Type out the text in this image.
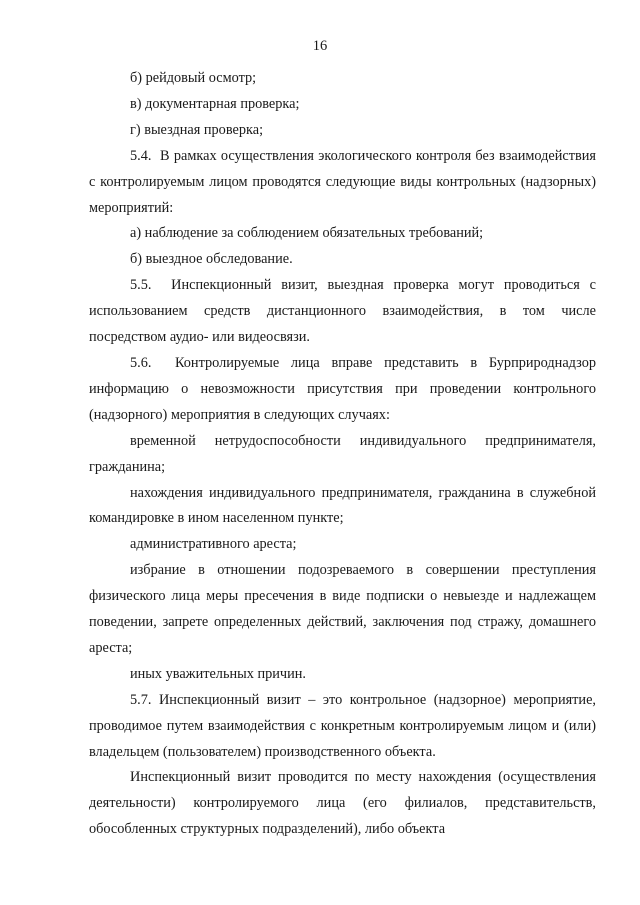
16

б) рейдовый осмотр;

в) документарная проверка;

г) выездная проверка;

5.4.  В рамках осуществления экологического контроля без взаимодействия с контролируемым лицом проводятся следующие виды контрольных (надзорных) мероприятий:

а) наблюдение за соблюдением обязательных требований;

б) выездное обследование.

5.5.  Инспекционный визит, выездная проверка могут проводиться с использованием средств дистанционного взаимодействия, в том числе посредством аудио- или видеосвязи.

5.6.  Контролируемые лица вправе представить в Бурприроднадзор информацию о невозможности присутствия при проведении контрольного (надзорного) мероприятия в следующих случаях:

временной нетрудоспособности индивидуального предпринимателя, гражданина;

нахождения индивидуального предпринимателя, гражданина в служебной командировке в ином населенном пункте;

административного ареста;

избрание в отношении подозреваемого в совершении преступления физического лица меры пресечения в виде подписки о невыезде и надлежащем поведении, запрете определенных действий, заключения под стражу, домашнего ареста;

иных уважительных причин.

5.7. Инспекционный визит – это контрольное (надзорное) мероприятие, проводимое путем взаимодействия с конкретным контролируемым лицом и (или) владельцем (пользователем) производственного объекта.

Инспекционный визит проводится по месту нахождения (осуществления деятельности) контролируемого лица (его филиалов, представительств, обособленных структурных подразделений), либо объекта
